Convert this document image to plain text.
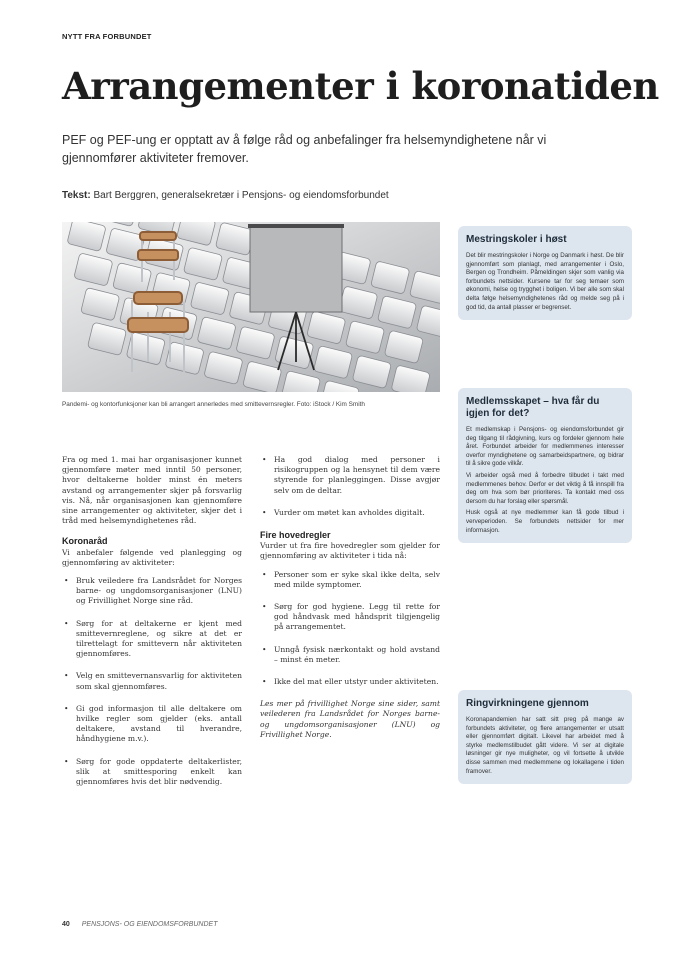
NYTT FRA FORBUNDET
Arrangementer i koronatiden
PEF og PEF-ung er opptatt av å følge råd og anbefalinger fra helsemyndighetene når vi gjennomfører aktiviteter fremover.
Tekst: Bart Berggren, generalsekretær i Pensjons- og eiendomsforbundet
Pandemi- og kontorfunksjoner kan bli arrangert annerledes med smittevernsregler. Foto: iStock / Kim Smith

Fra og med 1. mai har organisasjoner kunnet gjennomføre møter med inntil 50 personer, hvor deltakerne holder minst én meters avstand og arrangementer skjer på forsvarlig vis. Nå, når organisasjonen kan gjennomføre sine arrangementer og aktiviteter, skjer det i tråd med helsemyndighetenes råd.

Koronaråd

Vi anbefaler følgende ved planlegging og gjennomføring av aktiviteter:

• Bruk veiledere fra Landsrådet for Norges barne- og ungdomsorganisasjoner (LNU) og Frivillighet Norge sine råd.
• Sørg for at deltakerne er kjent med smittevernreglene, og sikre at det er tilrettelagt for smittevern når aktiviteten gjennomføres.
• Velg en smittevernansvarlig for aktiviteten som skal gjennomføres.
• Gi god informasjon til alle deltakere om hvilke regler som gjelder (eks. antall deltakere, avstand til hverandre, håndhygiene m.v.).
• Sørg for gode oppdaterte deltakerlister, slik at smittesporing enkelt kan gjennomføres hvis det blir nødvendig.
• Ha god dialog med personer i risikogruppen og la hensynet til dem være styrende for planleggingen. Disse avgjør selv om de deltar.
• Vurder om møtet kan avholdes digitalt.
Fire hovedregler

Vurder ut fra fire hovedregler som gjelder for gjennomføring av aktiviteter i tida nå:

• Personer som er syke skal ikke delta, selv med milde symptomer.
• Sørg for god hygiene. Legg til rette for god håndvask med håndsprit tilgjengelig på arrangementet.
• Unngå fysisk nærkontakt og hold avstand – minst én meter.
• Ikke del mat eller utstyr under aktiviteten.

Les mer på frivillighet Norge sine sider, samt veilederen fra Landsrådet for Norges barne- og ungdomsorganisasjoner (LNU) og Frivillighet Norge.

Mestringskoler i høst

Det blir mestringskoler i Norge og Danmark i høst. De blir gjennomført som planlagt, med arrangementer i Oslo, Bergen og Trondheim. Påmeldingen skjer som vanlig via forbundets nettsider. Kursene tar for seg temaer som økonomi, helse og trygghet i boligen. Vi ber alle som skal delta følge helsemyndighetenes råd og melde seg på i god tid, da antall plasser er begrenset.

Medlemsskapet – hva får du igjen for det?

Et medlemskap i Pensjons- og eiendomsforbundet gir deg tilgang til rådgivning, kurs og fordeler gjennom hele året. Forbundet arbeider for medlemmenes interesser overfor myndighetene og samarbeidspartnere, og bidrar til å sikre gode vilkår.

Vi arbeider også med å forbedre tilbudet i takt med medlemmenes behov. Derfor er det viktig å få innspill fra deg om hva som bør prioriteres. Ta kontakt med oss dersom du har forslag eller spørsmål.

Husk også at nye medlemmer kan få gode tilbud i verveperioden. Se forbundets nettsider for mer informasjon.

Ringvirkningene gjennom

Koronapandemien har satt sitt preg på mange av forbundets aktiviteter, og flere arrangementer er utsatt eller gjennomført digitalt. Likevel har arbeidet med å styrke medlemstilbudet gått videre. Vi ser at digitale løsninger gir nye muligheter, og vil fortsette å utvikle disse sammen med medlemmene og lokallagene i tiden framover.

40 PENSJONS- OG EIENDOMSFORBUNDET
